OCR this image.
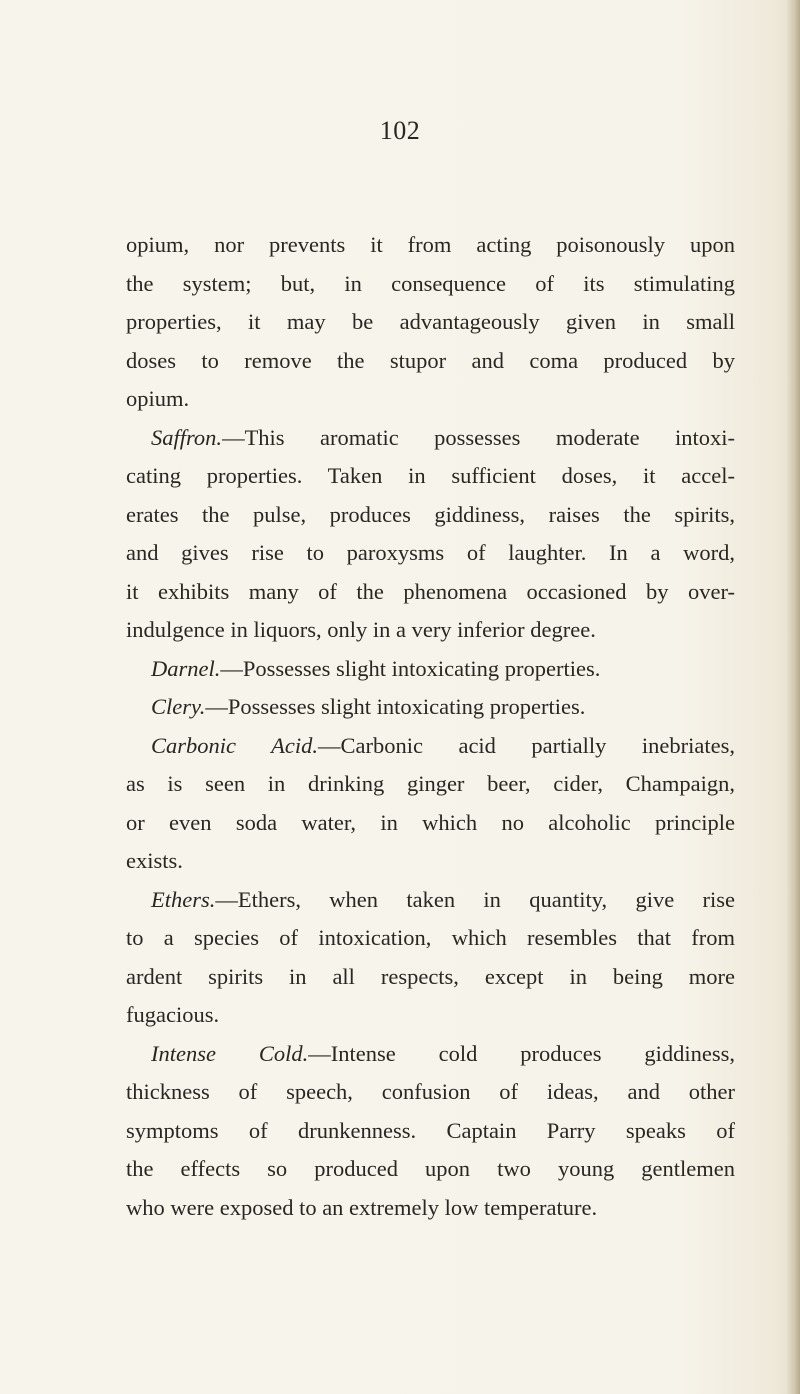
102
opium, nor prevents it from acting poisonously upon
the system; but, in consequence of its stimulating
properties, it may be advantageously given in small
doses to remove the stupor and coma produced by
opium.
Saffron.—This aromatic possesses moderate intoxi-
cating properties. Taken in sufficient doses, it accel-
erates the pulse, produces giddiness, raises the spirits,
and gives rise to paroxysms of laughter. In a word,
it exhibits many of the phenomena occasioned by over-
indulgence in liquors, only in a very inferior degree.
Darnel.—Possesses slight intoxicating properties.
Clery.—Possesses slight intoxicating properties.
Carbonic Acid.—Carbonic acid partially inebriates,
as is seen in drinking ginger beer, cider, Champaign,
or even soda water, in which no alcoholic principle
exists.
Ethers.—Ethers, when taken in quantity, give rise
to a species of intoxication, which resembles that from
ardent spirits in all respects, except in being more
fugacious.
Intense Cold.—Intense cold produces giddiness,
thickness of speech, confusion of ideas, and other
symptoms of drunkenness. Captain Parry speaks of
the effects so produced upon two young gentlemen
who were exposed to an extremely low temperature.
